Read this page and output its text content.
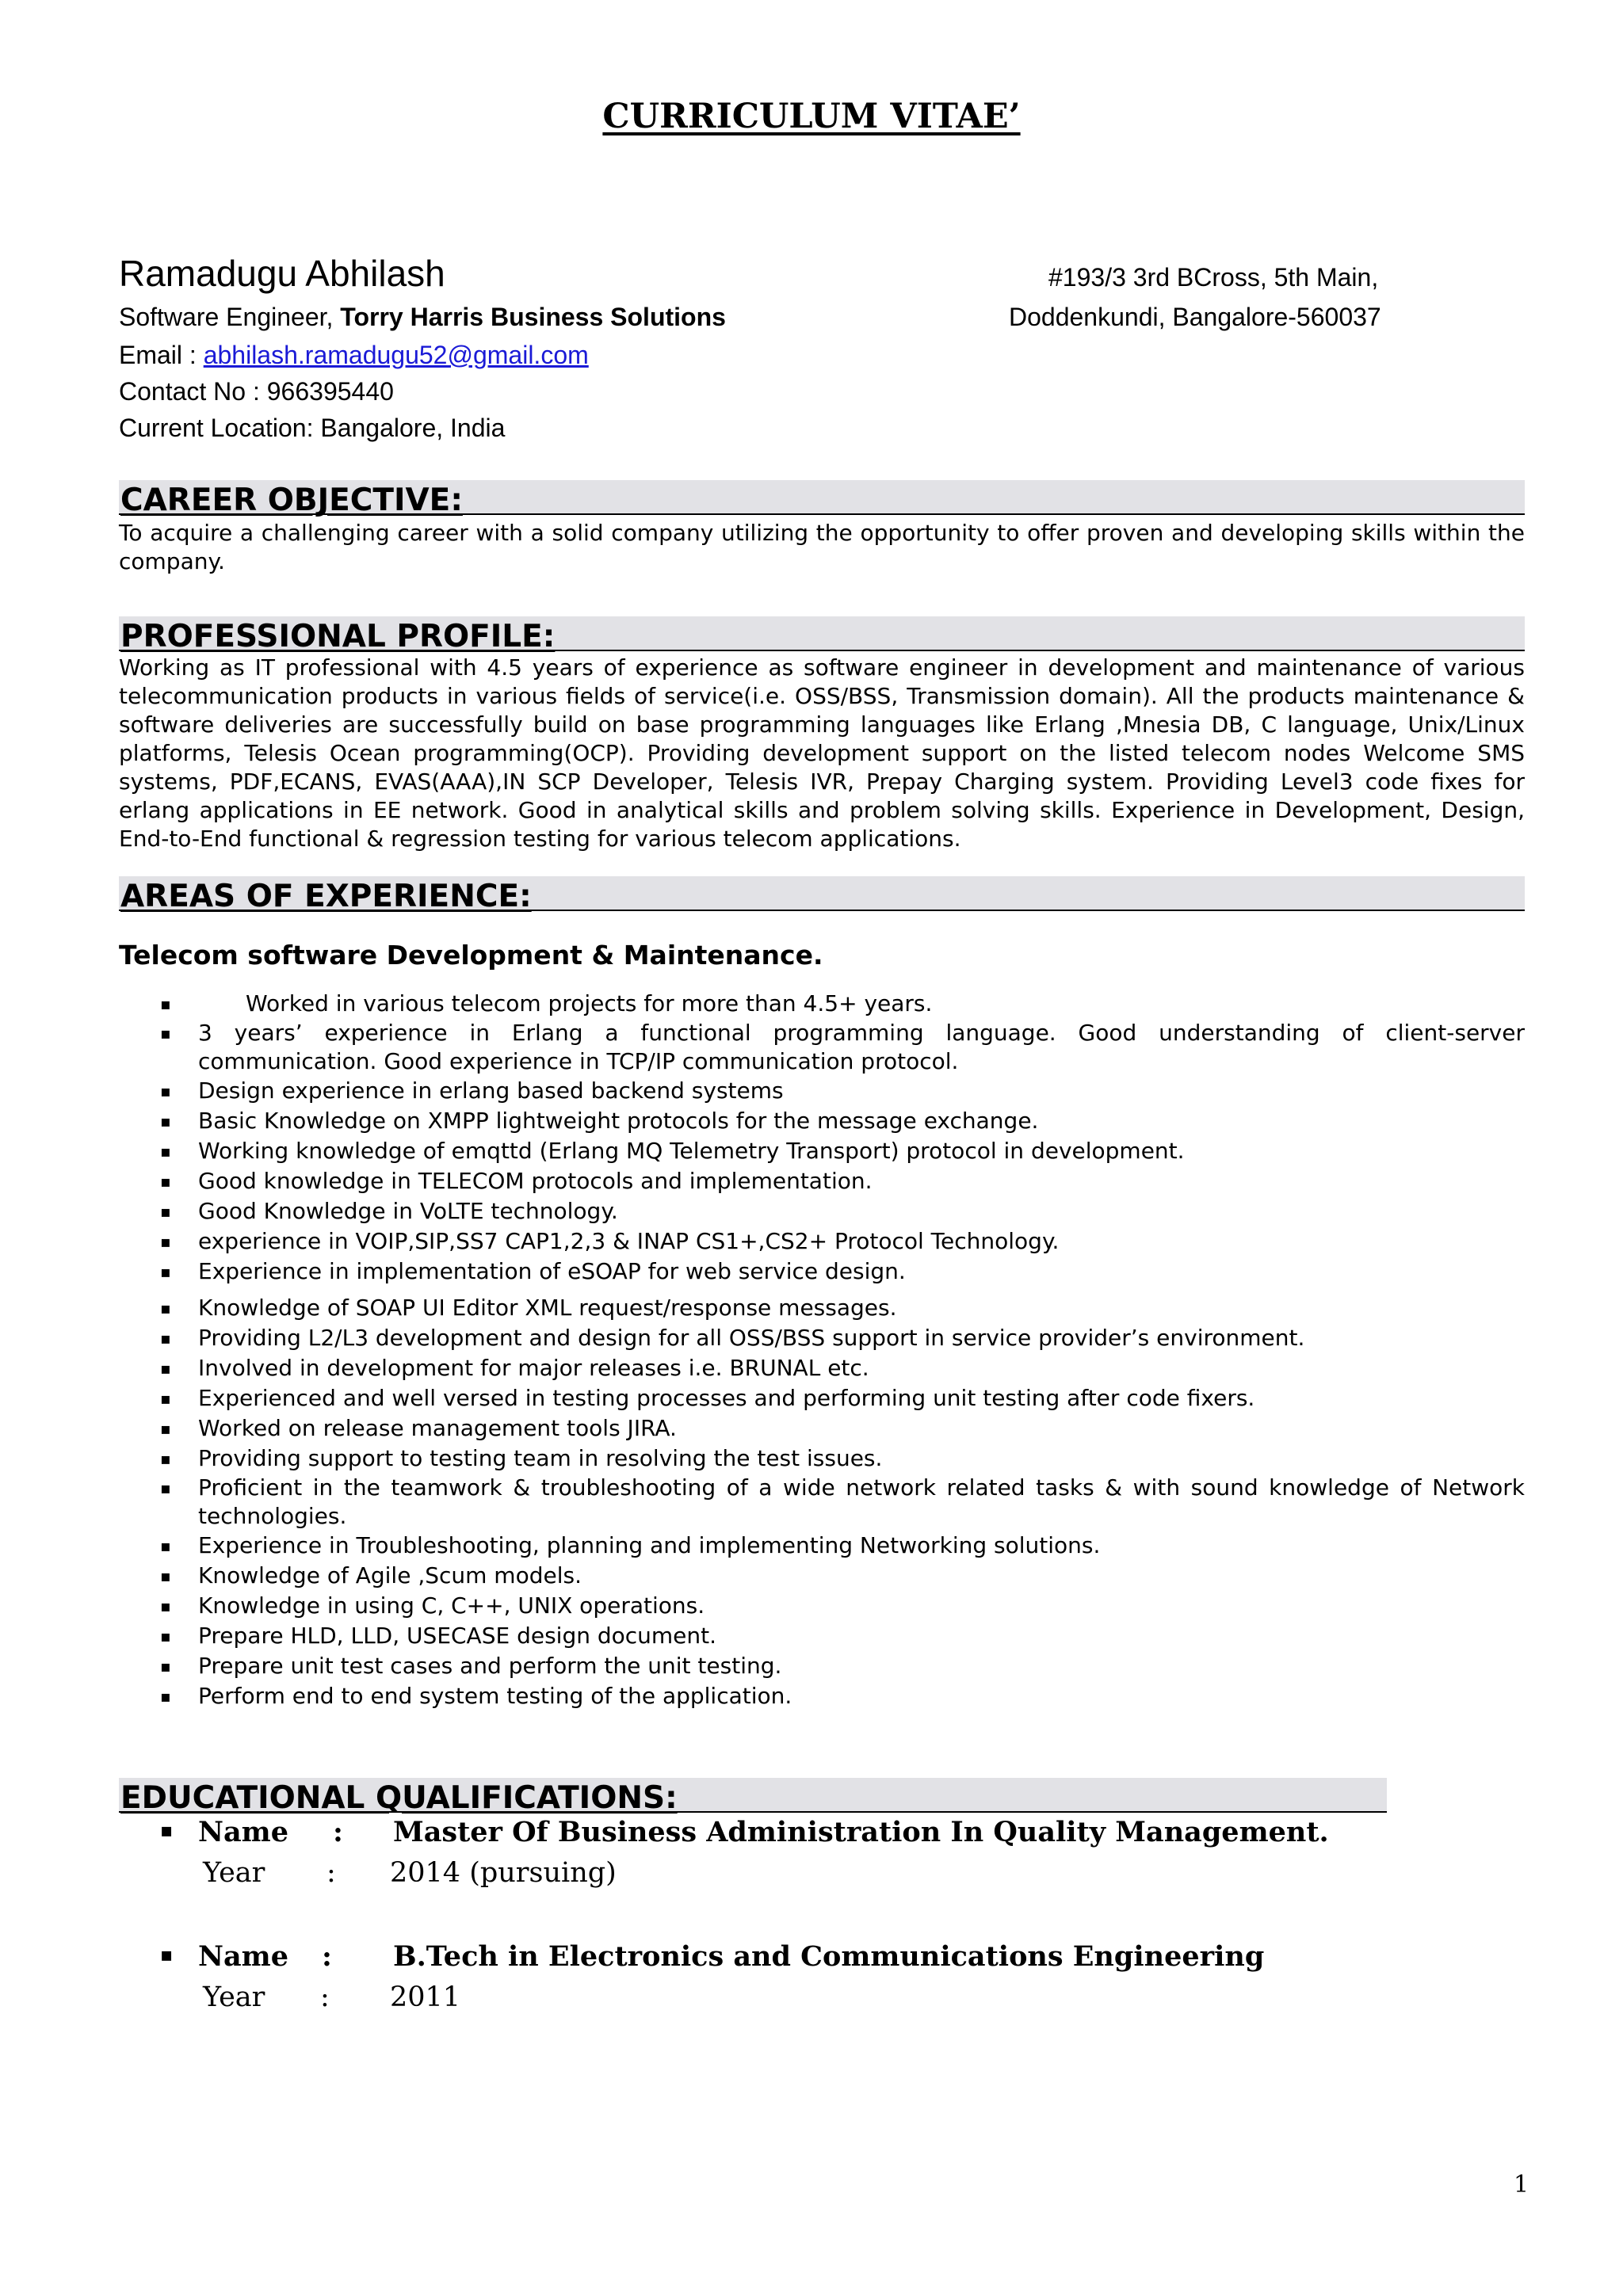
CURRICULUM VITAE’
Ramadugu Abhilash
Software Engineer, Torry Harris Business Solutions
Email : abhilash.ramadugu52@gmail.com
Contact No : 966395440
Current Location: Bangalore, India
#193/3 3rd BCross, 5th Main,
Doddenkundi, Bangalore-560037
CAREER OBJECTIVE:
To acquire a challenging career with a solid company utilizing the opportunity to offer proven and developing skills within the company.
PROFESSIONAL PROFILE:
Working as IT professional with 4.5 years of experience as software engineer in development and maintenance of various telecommunication products in various fields of service(i.e. OSS/BSS, Transmission domain). All the products maintenance & software deliveries are successfully build on base programming languages like Erlang ,Mnesia DB, C language, Unix/Linux platforms, Telesis Ocean programming(OCP). Providing development support on the listed telecom nodes Welcome SMS systems, PDF,ECANS, EVAS(AAA),IN SCP Developer, Telesis IVR, Prepay Charging system. Providing Level3 code fixes for erlang applications in EE network. Good in analytical skills and problem solving skills. Experience in Development, Design, End-to-End functional & regression testing for various telecom applications.
AREAS OF EXPERIENCE:
Telecom software Development & Maintenance.
▪	Worked in various telecom projects for more than 4.5+ years.
▪ 3 years’ experience in Erlang a functional programming language. Good understanding of client-server communication. Good experience in TCP/IP communication protocol.
▪ Design experience in erlang based backend systems
▪ Basic Knowledge on XMPP lightweight protocols for the message exchange.
▪ Working knowledge of emqttd (Erlang MQ Telemetry Transport) protocol in development.
▪ Good knowledge in TELECOM protocols and implementation.
▪ Good Knowledge in VoLTE technology.
▪ experience in VOIP,SIP,SS7 CAP1,2,3 & INAP CS1+,CS2+ Protocol Technology.
▪ Experience in implementation of eSOAP for web service design.
▪ Knowledge of SOAP UI Editor XML request/response messages.
▪ Providing L2/L3 development and design for all OSS/BSS support in service provider’s environment.
▪ Involved in development for major releases i.e. BRUNAL etc.
▪ Experienced and well versed in testing processes and performing unit testing after code fixers.
▪ Worked on release management tools JIRA.
▪ Providing support to testing team in resolving the test issues.
▪ Proficient in the teamwork & troubleshooting of a wide network related tasks & with sound knowledge of Network technologies.
▪ Experience in Troubleshooting, planning and implementing Networking solutions.
▪ Knowledge of Agile ,Scum models.
▪ Knowledge in using C, C++, UNIX operations.
▪ Prepare HLD, LLD, USECASE design document.
▪ Prepare unit test cases and perform the unit testing.
▪ Perform end to end system testing of the application.
EDUCATIONAL QUALIFICATIONS:
▪ Name : Master Of Business Administration In Quality Management.
Year : 2014 (pursuing)
▪ Name : B.Tech in Electronics and Communications Engineering
Year : 2011
1
